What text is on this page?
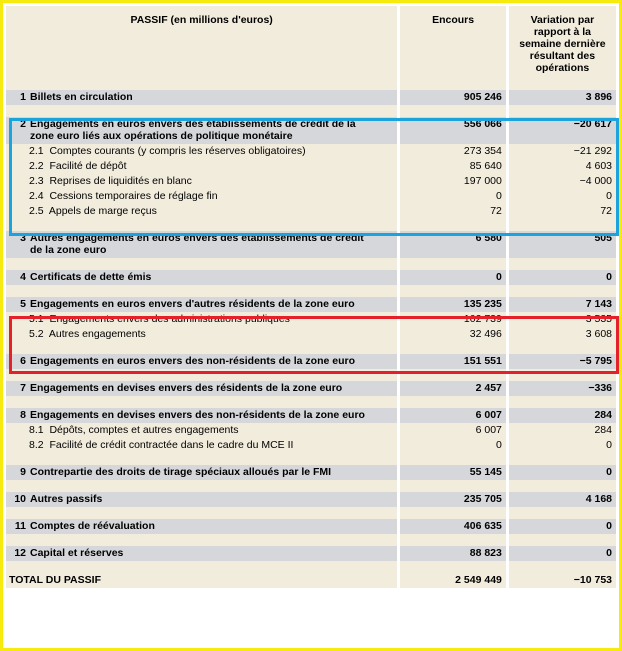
PASSIF (en millions d'euros)	Encours	Variation par rapport à la semaine dernière résultant des opérations

1 Billets en circulation	905 246	3 896

2 Engagements en euros envers des établissements de crédit de la zone euro liés aux opérations de politique monétaire	556 066	−20 617
2.1 Comptes courants (y compris les réserves obligatoires)	273 354	−21 292
2.2 Facilité de dépôt	85 640	4 603
2.3 Reprises de liquidités en blanc	197 000	−4 000
2.4 Cessions temporaires de réglage fin	0	0
2.5 Appels de marge reçus	72	72

3 Autres engagements en euros envers des établissements de crédit de la zone euro	6 580	505

4 Certificats de dette émis	0	0

5 Engagements en euros envers d'autres résidents de la zone euro	135 235	7 143
5.1 Engagements envers des administrations publiques	102 739	3 535
5.2 Autres engagements	32 496	3 608

6 Engagements en euros envers des non-résidents de la zone euro	151 551	−5 795

7 Engagements en devises envers des résidents de la zone euro	2 457	−336

8 Engagements en devises envers des non-résidents de la zone euro	6 007	284
8.1 Dépôts, comptes et autres engagements	6 007	284
8.2 Facilité de crédit contractée dans le cadre du MCE II	0	0

9 Contrepartie des droits de tirage spéciaux alloués par le FMI	55 145	0

10 Autres passifs	235 705	4 168

11 Comptes de réévaluation	406 635	0

12 Capital et réserves	88 823	0

TOTAL DU PASSIF	2 549 449	−10 753
